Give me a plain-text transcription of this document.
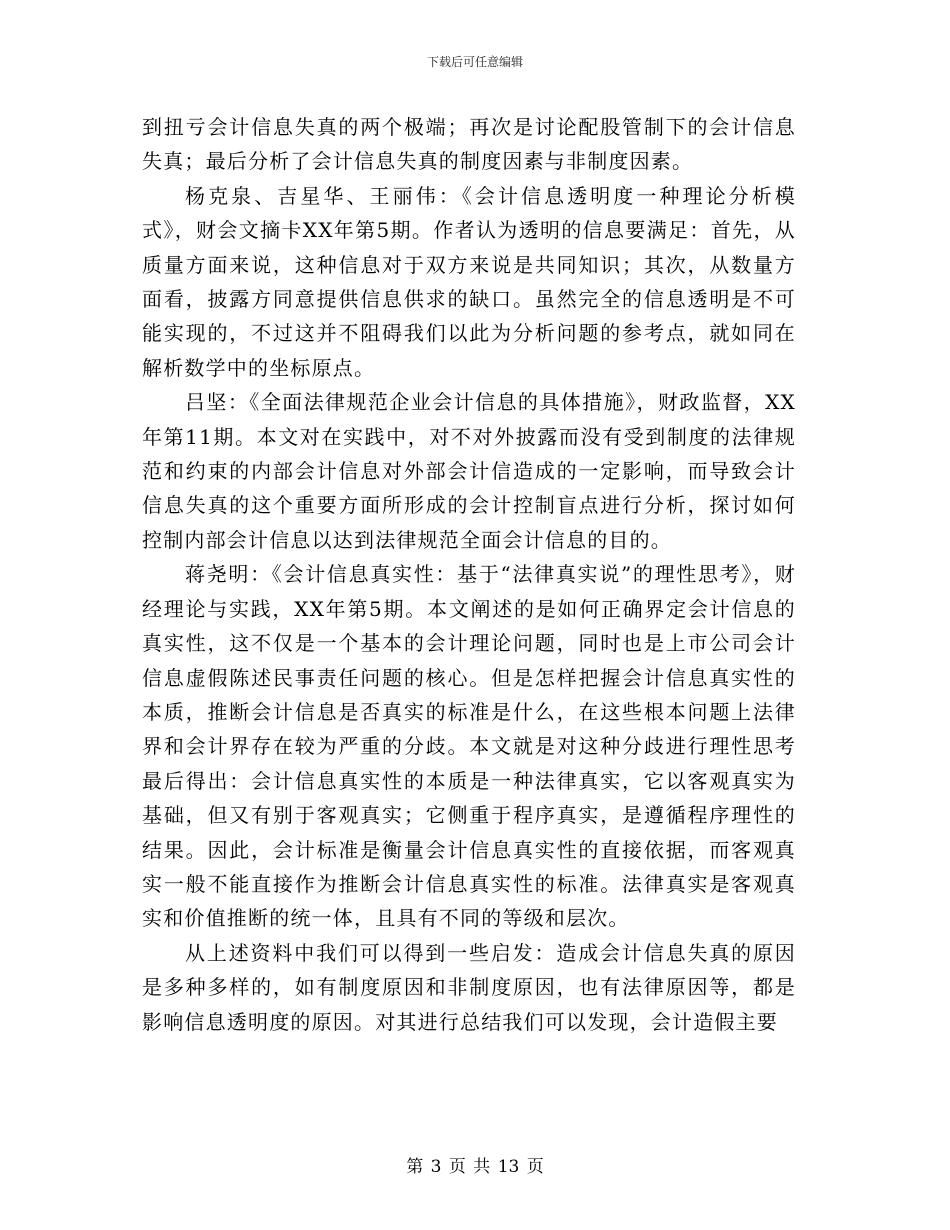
下载后可任意编辑

到扭亏会计信息失真的两个极端；再次是讨论配股管制下的会计信息失真；最后分析了会计信息失真的制度因素与非制度因素。

杨克泉、吉星华、王丽伟：《会计信息透明度一种理论分析模式》，财会文摘卡XX年第5期。作者认为透明的信息要满足：首先，从质量方面来说，这种信息对于双方来说是共同知识；其次，从数量方面看，披露方同意提供信息供求的缺口。虽然完全的信息透明是不可能实现的，不过这并不阻碍我们以此为分析问题的参考点，就如同在解析数学中的坐标原点。

吕坚：《全面法律规范企业会计信息的具体措施》，财政监督，XX年第11期。本文对在实践中，对不对外披露而没有受到制度的法律规范和约束的内部会计信息对外部会计信造成的一定影响，而导致会计信息失真的这个重要方面所形成的会计控制盲点进行分析，探讨如何控制内部会计信息以达到法律规范全面会计信息的目的。

蒋尧明：《会计信息真实性：基于“法律真实说”的理性思考》，财经理论与实践，XX年第5期。本文阐述的是如何正确界定会计信息的真实性，这不仅是一个基本的会计理论问题，同时也是上市公司会计信息虚假陈述民事责任问题的核心。但是怎样把握会计信息真实性的本质，推断会计信息是否真实的标准是什么，在这些根本问题上法律界和会计界存在较为严重的分歧。本文就是对这种分歧进行理性思考最后得出：会计信息真实性的本质是一种法律真实，它以客观真实为基础，但又有别于客观真实；它侧重于程序真实，是遵循程序理性的结果。因此，会计标准是衡量会计信息真实性的直接依据，而客观真实一般不能直接作为推断会计信息真实性的标准。法律真实是客观真实和价值推断的统一体，且具有不同的等级和层次。

从上述资料中我们可以得到一些启发：造成会计信息失真的原因是多种多样的，如有制度原因和非制度原因，也有法律原因等，都是影响信息透明度的原因。对其进行总结我们可以发现，会计造假主要

第 3 页 共 13 页
